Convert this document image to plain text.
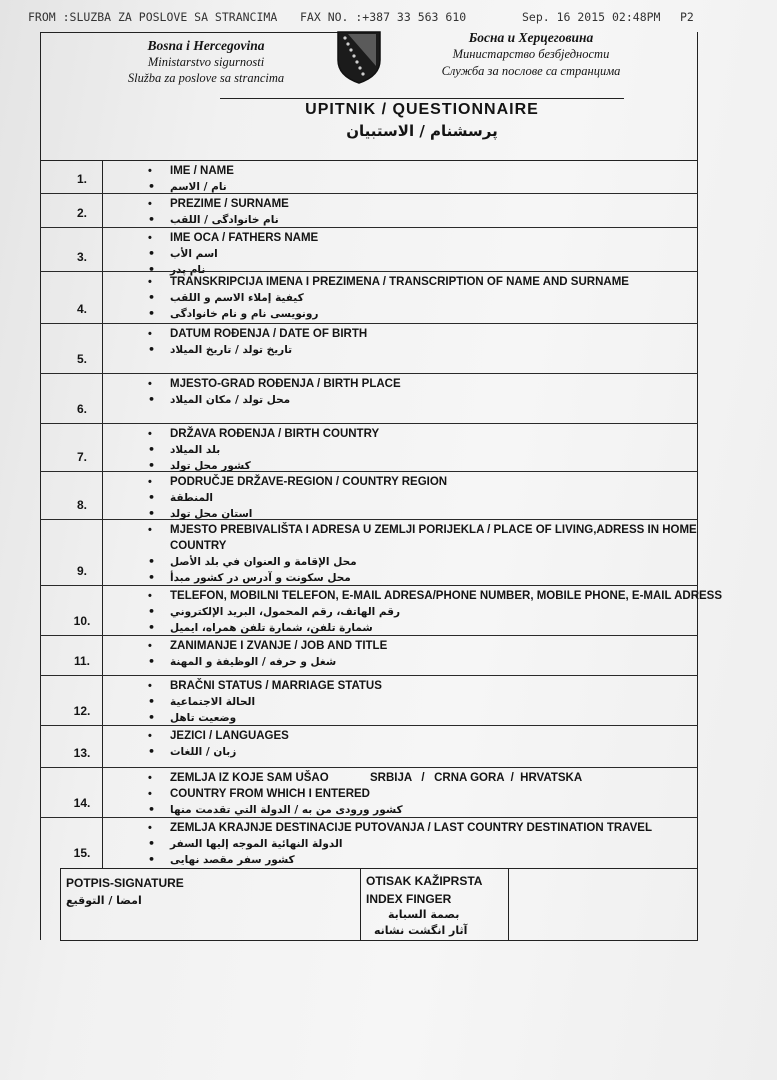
FROM :SLUZBA ZA POSLOVE SA STRANCIMA FAX NO. :+387 33 563 610	Sep. 16 2015 02:48PM P2
Bosna i Hercegovina
Ministarstvo sigurnosti
Služba za poslove sa strancima
Босна и Херцеговина
Министарство безбједности
Служба за послове са странцима
UPITNIK / QUESTIONNAIRE
پرسشنام / الاستبيان
1.
• IME / NAME
• نام / الاسم
2.
• PREZIME / SURNAME
• نام خانوادگی / اللقب
3.
• IME OCA / FATHERS NAME
• اسم الأب
• نام پدر
4.
• TRANSKRIPCIJA IMENA I PREZIMENA / TRANSCRIPTION OF NAME AND SURNAME
• كيفية إملاء الاسم و اللقب
• رونويسی نام و نام خانوادگی
5.
• DATUM ROĐENJA / DATE OF BIRTH
• تاریخ تولد / تاريخ الميلاد
6.
• MJESTO-GRAD ROĐENJA / BIRTH PLACE
• محل تولد / مكان الميلاد
7.
• DRŽAVA ROĐENJA / BIRTH COUNTRY
• بلد الميلاد
• كشور محل تولد
8.
• PODRUČJE DRŽAVE-REGION / COUNTRY REGION
• المنطقة
• استان محل تولد
9.
• MJESTO PREBIVALIŠTA I ADRESA U ZEMLJI PORIJEKLA / PLACE OF LIVING,ADRESS IN HOME
COUNTRY
• محل الإقامة و العنوان في بلد الأصل
• محل سكونت و آدرس در كشور مبدأ
10.
• TELEFON, MOBILNI TELEFON, E-MAIL ADRESA/PHONE NUMBER, MOBILE PHONE, E-MAIL ADRESS
• رقم الهاتف، رقم المحمول، البريد الإلكتروني
• شمارة تلفن، شمارة تلفن همراه، ايميل
11.
• ZANIMANJE I ZVANJE / JOB AND TITLE
• شغل و حرفه / الوظيفة و المهنة
12.
• BRAČNI STATUS / MARRIAGE STATUS
• الحالة الاجتماعية
• وضعيت تاهل
13.
• JEZICI / LANGUAGES
• زبان / اللغات
14.
• ZEMLJA IZ KOJE SAM UŠAO
• COUNTRY FROM WHICH I ENTERED
• كشور ورودی من به / الدولة التي تقدمت منها
SRBIJA   /   CRNA GORA  /  HRVATSKA
15.
• ZEMLJA KRAJNJE DESTINACIJE PUTOVANJA / LAST COUNTRY DESTINATION TRAVEL
• الدولة النهائية الموجه إليها السفر
• كشور سفر مقصد نهايی
POTPIS-SIGNATURE
امضا / التوقيع
OTISAK KAŽIPRSTA
INDEX FINGER
بصمة السبابة
آثار انگشت نشانه
